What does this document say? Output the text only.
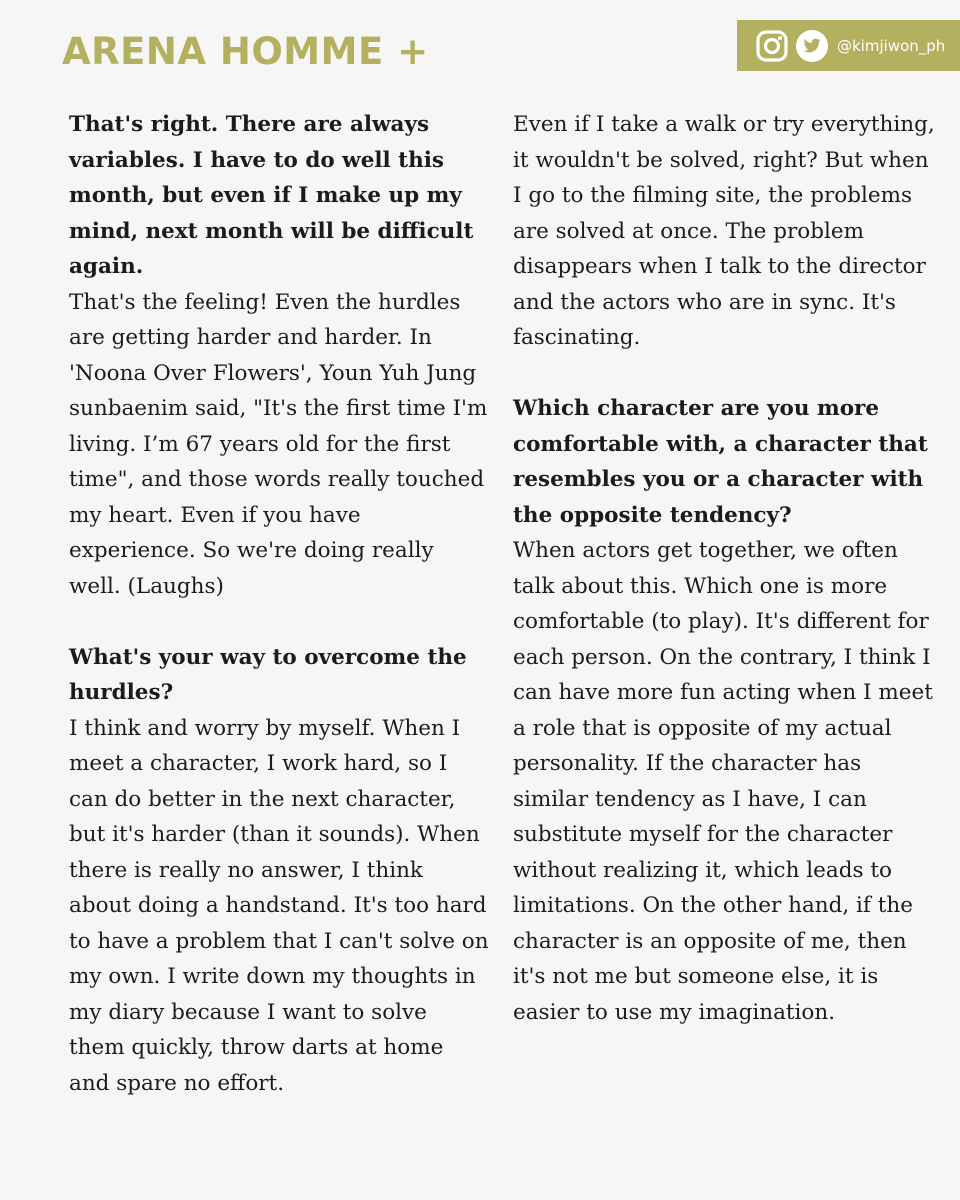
ARENA HOMME +	@kimjiwon_ph

That's right. There are always variables. I have to do well this month, but even if I make up my mind, next month will be difficult again.

That's the feeling! Even the hurdles are getting harder and harder. In 'Noona Over Flowers', Youn Yuh Jung sunbaenim said, "It's the first time I'm living. I’m 67 years old for the first time", and those words really touched my heart. Even if you have experience. So we're doing really well. (Laughs)

What's your way to overcome the hurdles?

I think and worry by myself. When I meet a character, I work hard, so I can do better in the next character, but it's harder (than it sounds). When there is really no answer, I think about doing a handstand. It's too hard to have a problem that I can't solve on my own. I write down my thoughts in my diary because I want to solve them quickly, throw darts at home and spare no effort.

Even if I take a walk or try everything, it wouldn't be solved, right? But when I go to the filming site, the problems are solved at once. The problem disappears when I talk to the director and the actors who are in sync. It's fascinating.

Which character are you more comfortable with, a character that resembles you or a character with the opposite tendency?

When actors get together, we often talk about this. Which one is more comfortable (to play). It's different for each person. On the contrary, I think I can have more fun acting when I meet a role that is opposite of my actual personality. If the character has similar tendency as I have, I can substitute myself for the character without realizing it, which leads to limitations. On the other hand, if the character is an opposite of me, then it's not me but someone else, it is easier to use my imagination.
